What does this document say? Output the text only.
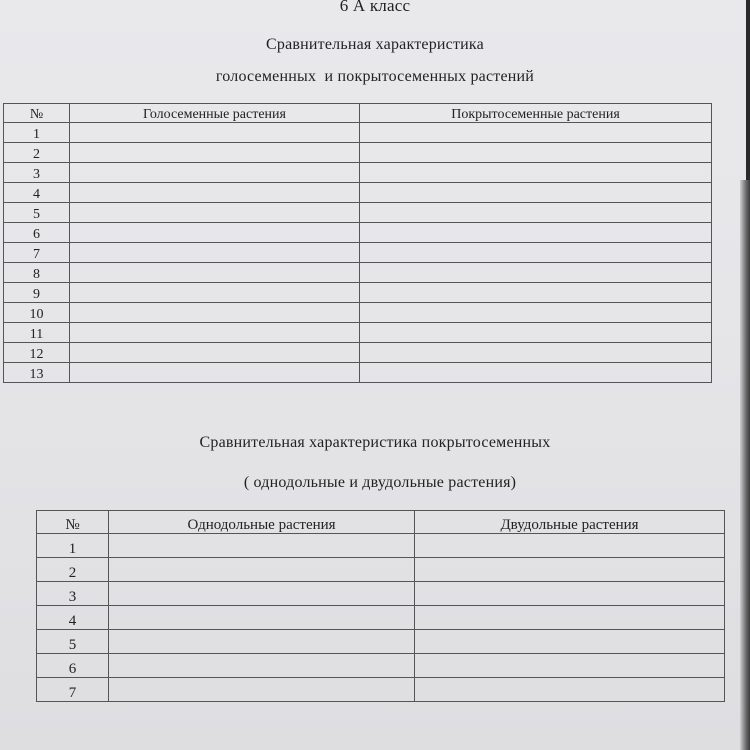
6 А класс
Сравнительная характеристика
голосеменных  и покрытосеменных растений
№	Голосеменные растения	Покрытосеменные растения
1		
2		
3		
4		
5		
6		
7		
8		
9		
10		
11		
12		
13		
Сравнительная характеристика покрытосеменных
( однодольные и двудольные растения)
№	Однодольные растения	Двудольные растения
1		
2		
3		
4		
5		
6		
7		
